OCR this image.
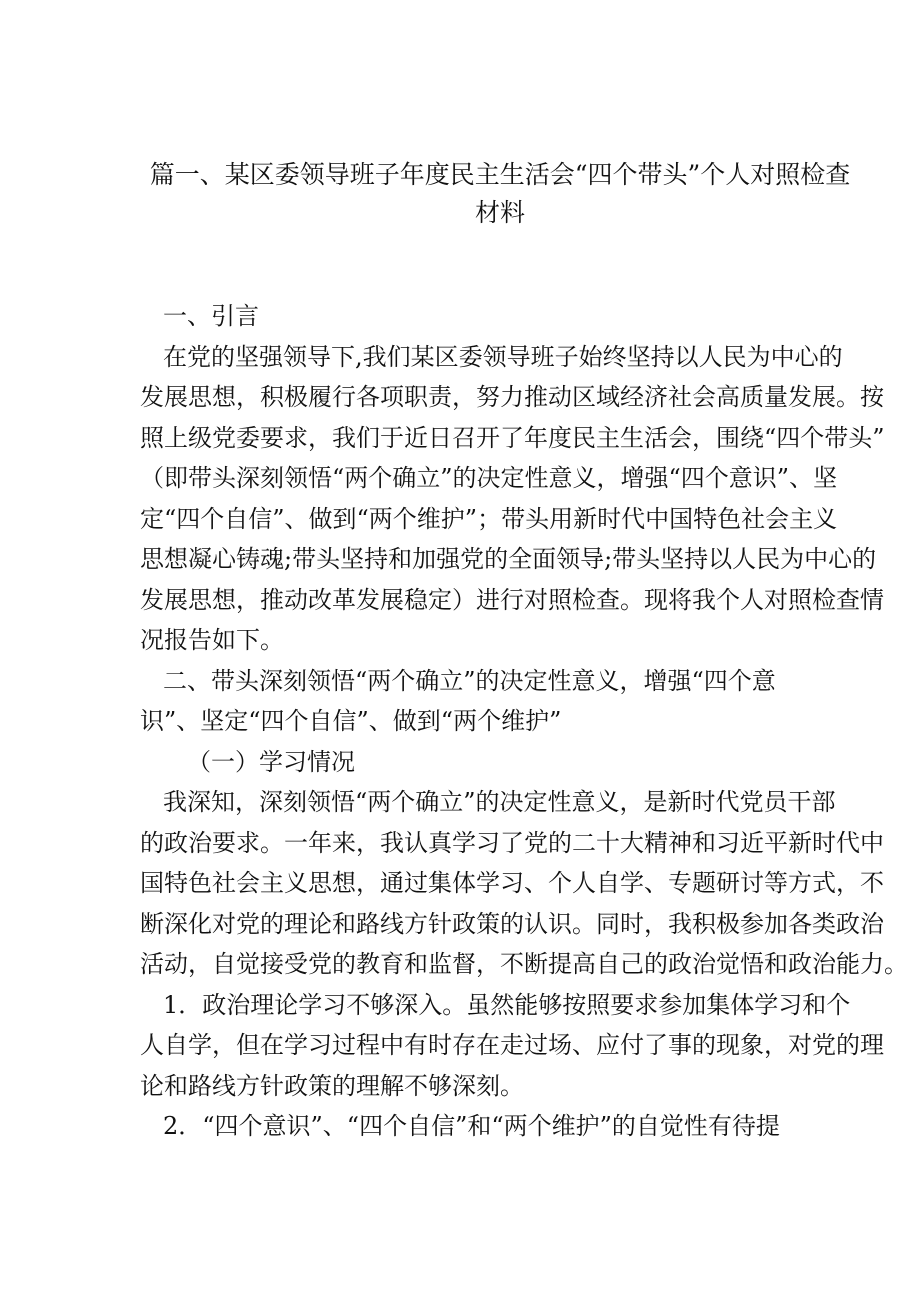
篇一、某区委领导班子年度民主生活会“四个带头”个人对照检查
材料
一、引言
在党的坚强领导下,我们某区委领导班子始终坚持以人民为中心的
发展思想，积极履行各项职责，努力推动区域经济社会高质量发展。按
照上级党委要求，我们于近日召开了年度民主生活会，围绕“四个带头”
（即带头深刻领悟“两个确立”的决定性意义，增强“四个意识”、坚
定“四个自信”、做到“两个维护”；带头用新时代中国特色社会主义
思想凝心铸魂;带头坚持和加强党的全面领导;带头坚持以人民为中心的
发展思想，推动改革发展稳定）进行对照检查。现将我个人对照检查情
况报告如下。
二、带头深刻领悟“两个确立”的决定性意义，增强“四个意
识”、坚定“四个自信”、做到“两个维护”
（一）学习情况
我深知，深刻领悟“两个确立”的决定性意义，是新时代党员干部
的政治要求。一年来，我认真学习了党的二十大精神和习近平新时代中
国特色社会主义思想，通过集体学习、个人自学、专题研讨等方式，不
断深化对党的理论和路线方针政策的认识。同时，我积极参加各类政治
活动，自觉接受党的教育和监督，不断提高自己的政治觉悟和政治能力。
1．政治理论学习不够深入。虽然能够按照要求参加集体学习和个
人自学，但在学习过程中有时存在走过场、应付了事的现象，对党的理
论和路线方针政策的理解不够深刻。
2．“四个意识”、“四个自信”和“两个维护”的自觉性有待提
